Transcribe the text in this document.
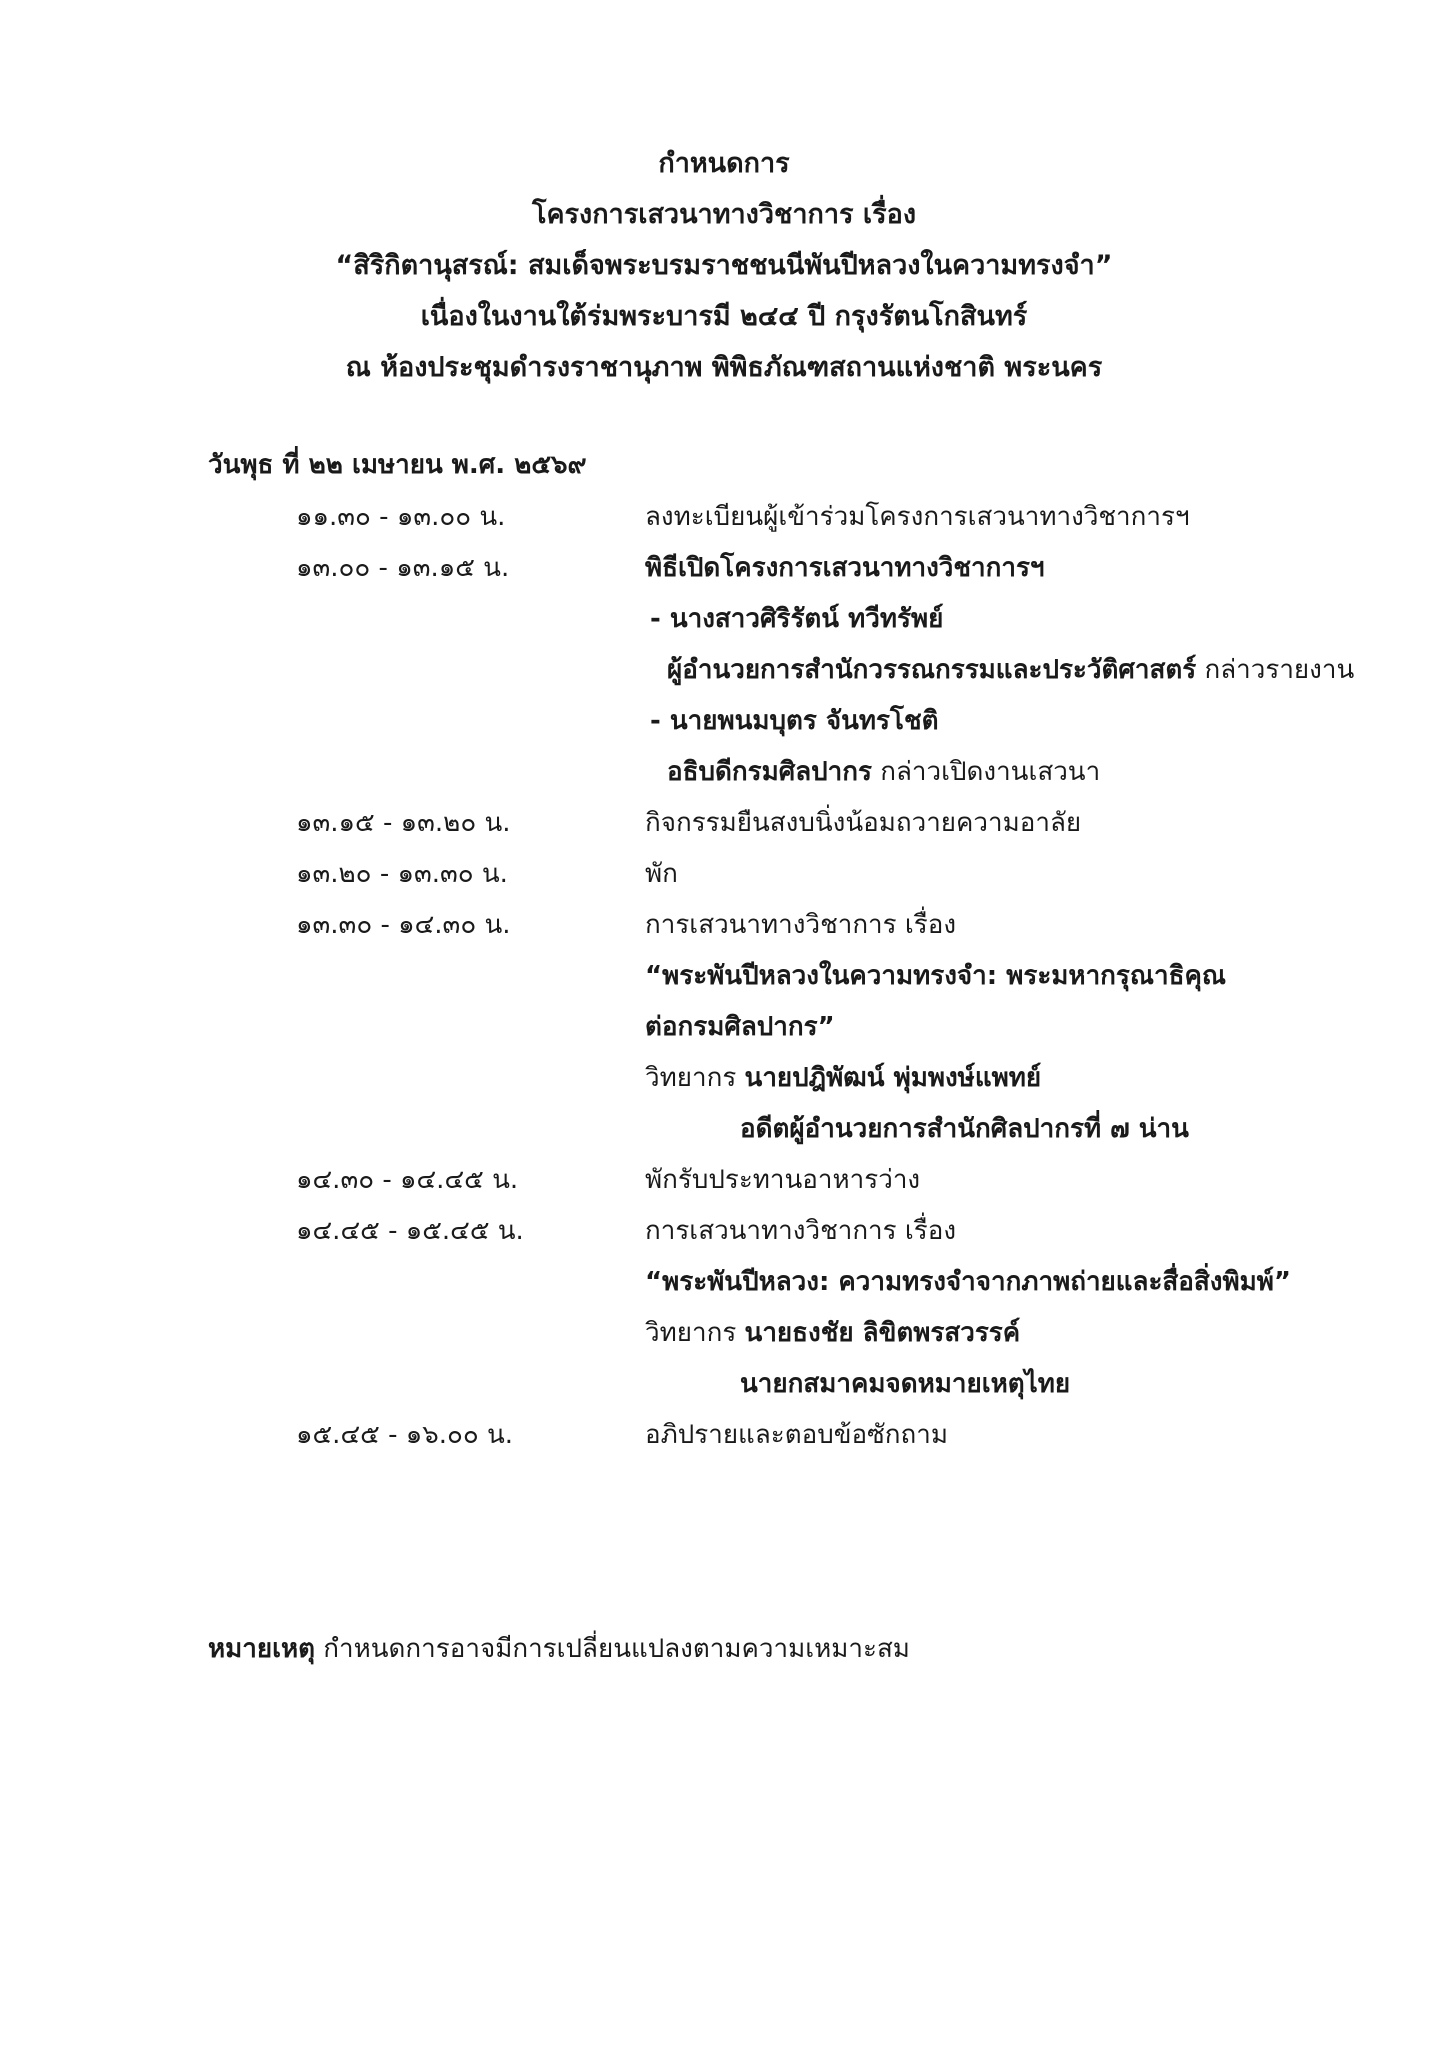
กำหนดการ
โครงการเสวนาทางวิชาการ เรื่อง
“สิริกิตานุสรณ์: สมเด็จพระบรมราชชนนีพันปีหลวงในความทรงจำ”
เนื่องในงานใต้ร่มพระบารมี ๒๔๔ ปี กรุงรัตนโกสินทร์
ณ ห้องประชุมดำรงราชานุภาพ พิพิธภัณฑสถานแห่งชาติ พระนคร
วันพุธ ที่ ๒๒ เมษายน พ.ศ. ๒๕๖๙
๑๑.๓๐ - ๑๓.๐๐ น.	ลงทะเบียนผู้เข้าร่วมโครงการเสวนาทางวิชาการฯ
๑๓.๐๐ - ๑๓.๑๕ น.	พิธีเปิดโครงการเสวนาทางวิชาการฯ
- นางสาวศิริรัตน์ ทวีทรัพย์
ผู้อำนวยการสำนักวรรณกรรมและประวัติศาสตร์ กล่าวรายงาน
- นายพนมบุตร จันทรโชติ
อธิบดีกรมศิลปากร กล่าวเปิดงานเสวนา
๑๓.๑๕ - ๑๓.๒๐ น.	กิจกรรมยืนสงบนิ่งน้อมถวายความอาลัย
๑๓.๒๐ - ๑๓.๓๐ น.	พัก
๑๓.๓๐ - ๑๔.๓๐ น.	การเสวนาทางวิชาการ เรื่อง
“พระพันปีหลวงในความทรงจำ: พระมหากรุณาธิคุณ
ต่อกรมศิลปากร”
วิทยากร นายปฎิพัฒน์ พุ่มพงษ์แพทย์
อดีตผู้อำนวยการสำนักศิลปากรที่ ๗ น่าน
๑๔.๓๐ - ๑๔.๔๕ น.	พักรับประทานอาหารว่าง
๑๔.๔๕ - ๑๕.๔๕ น.	การเสวนาทางวิชาการ เรื่อง
“พระพันปีหลวง: ความทรงจำจากภาพถ่ายและสื่อสิ่งพิมพ์”
วิทยากร นายธงชัย ลิขิตพรสวรรค์
นายกสมาคมจดหมายเหตุไทย
๑๕.๔๕ - ๑๖.๐๐ น.	อภิปรายและตอบข้อซักถาม
หมายเหตุ กำหนดการอาจมีการเปลี่ยนแปลงตามความเหมาะสม
